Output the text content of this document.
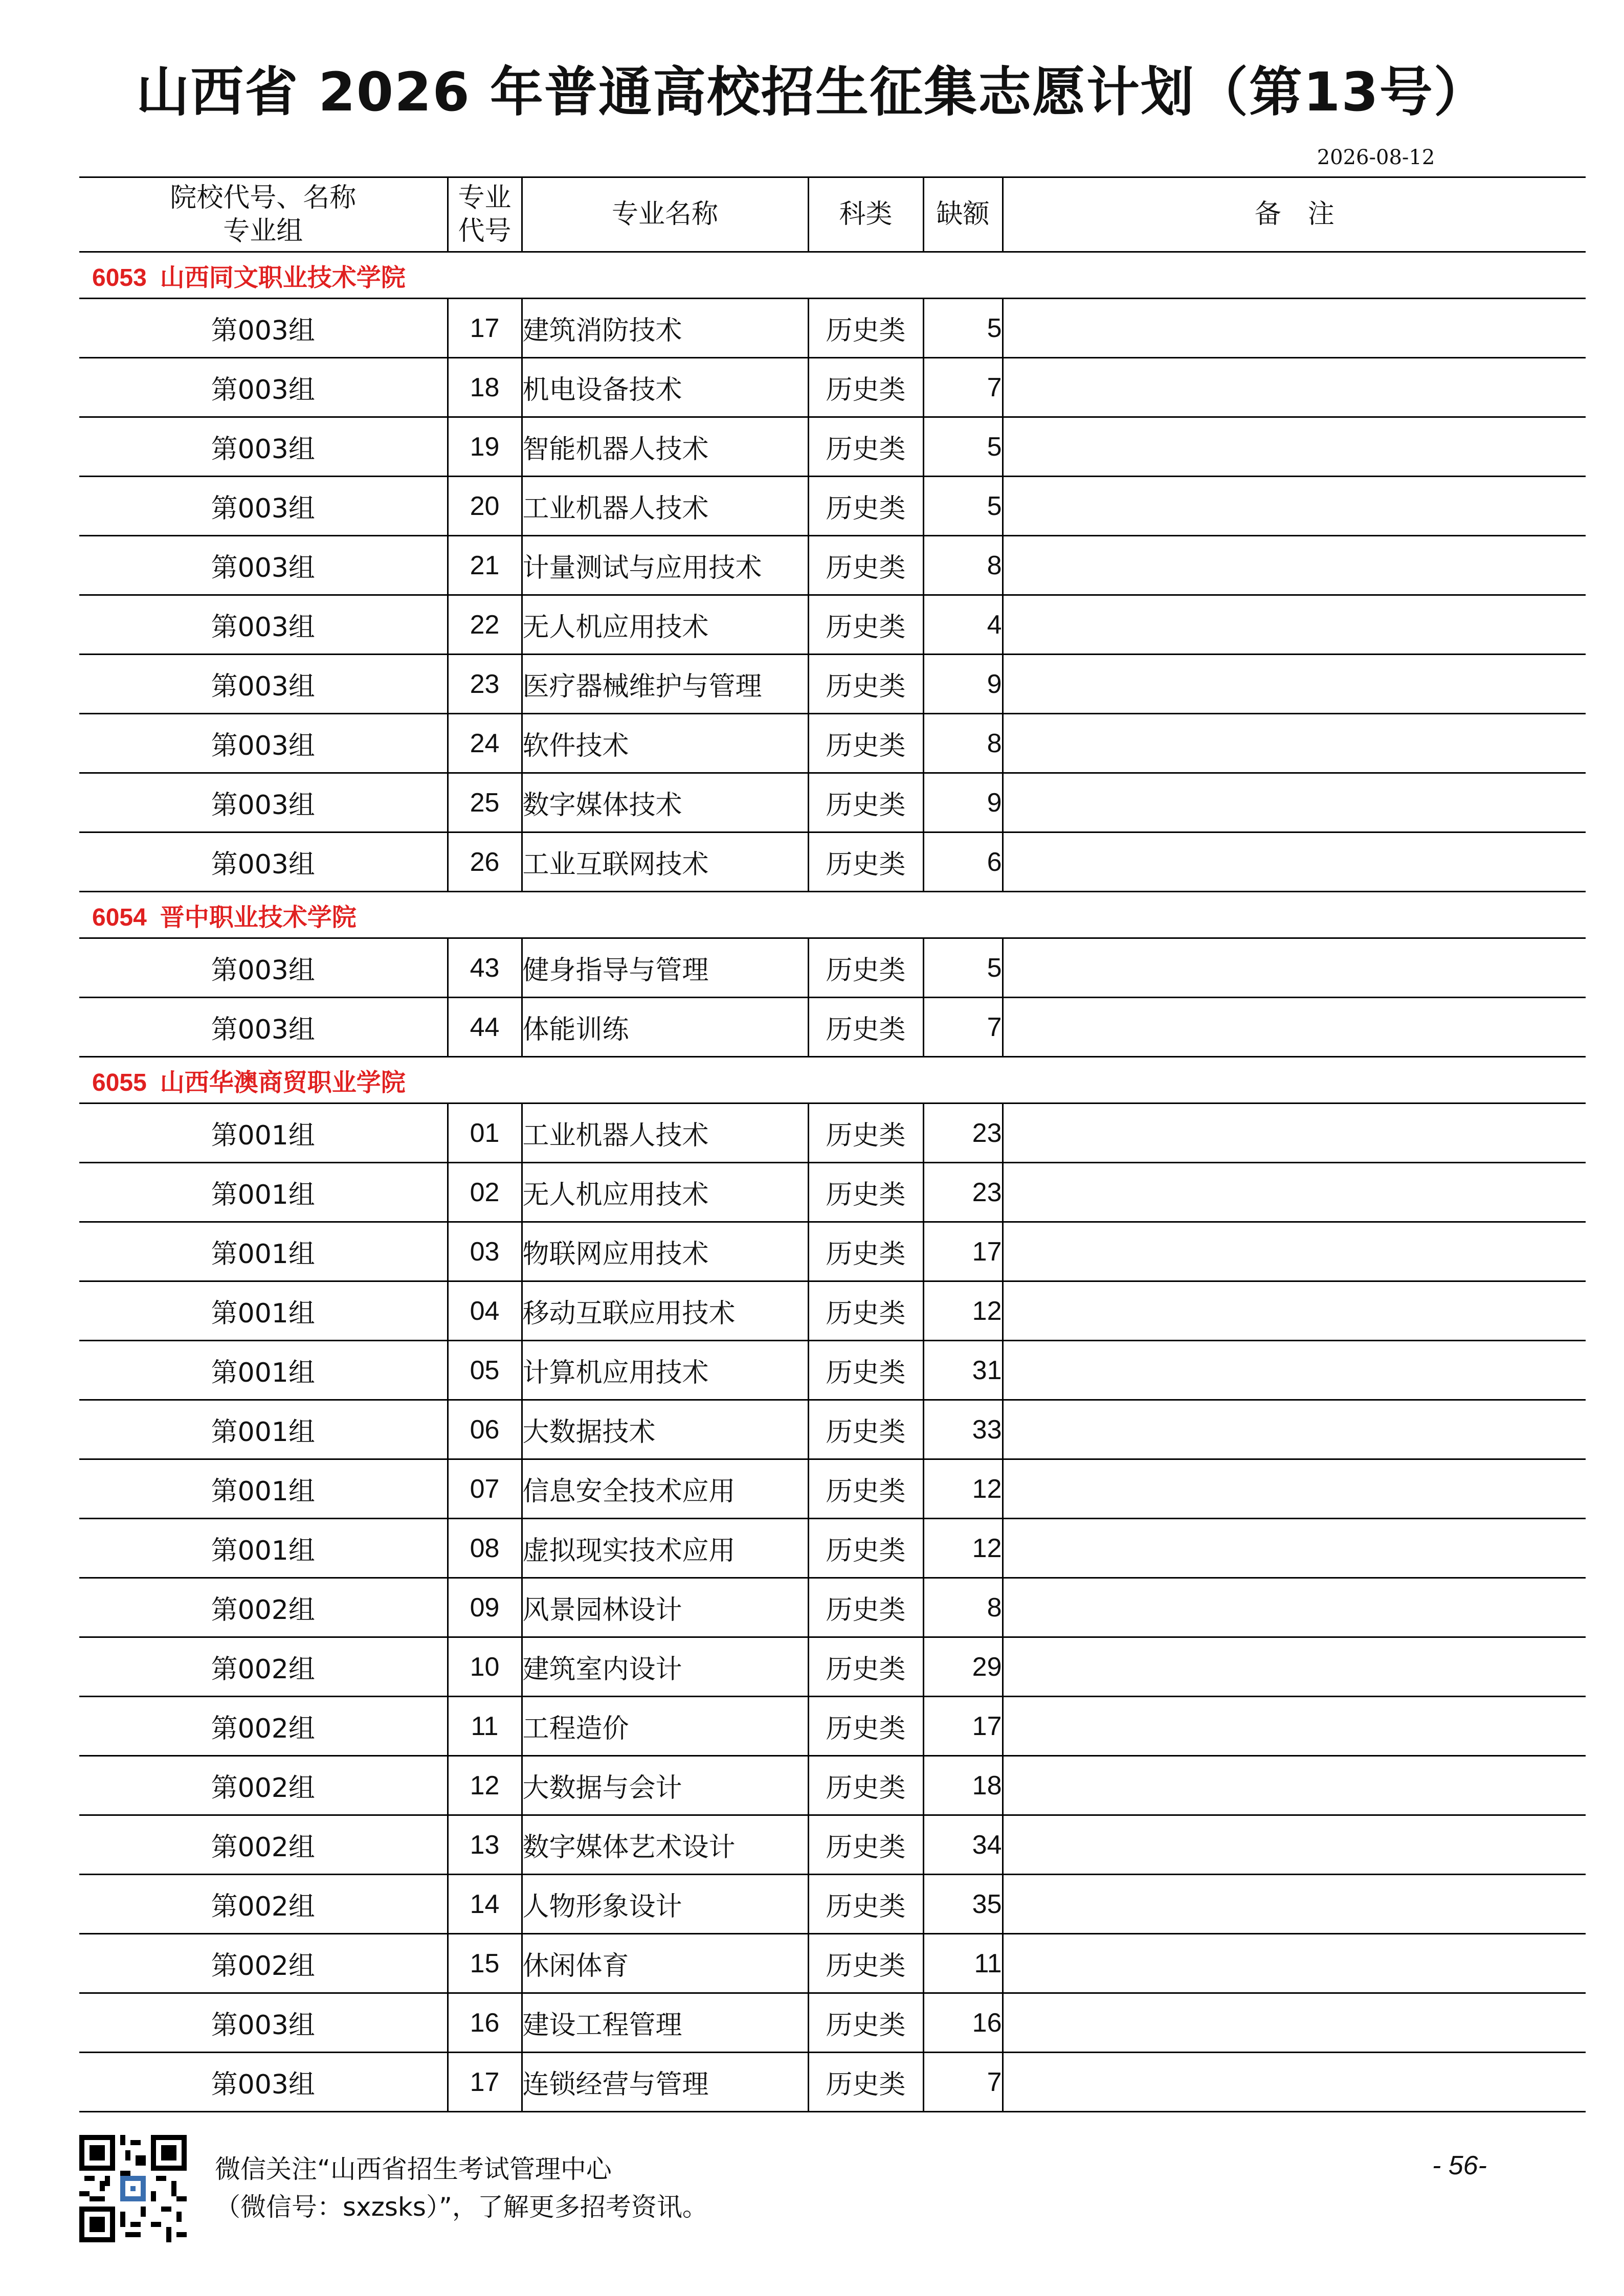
山西省 2026 年普通高校招生征集志愿计划（第13号）
2026-08-12
院校代号、名称
专业组	专业
代号	专业名称	科类	缺额	备　注
6053 山西同文职业技术学院					
第003组	17	建筑消防技术	历史类	5	
第003组	18	机电设备技术	历史类	7	
第003组	19	智能机器人技术	历史类	5	
第003组	20	工业机器人技术	历史类	5	
第003组	21	计量测试与应用技术	历史类	8	
第003组	22	无人机应用技术	历史类	4	
第003组	23	医疗器械维护与管理	历史类	9	
第003组	24	软件技术	历史类	8	
第003组	25	数字媒体技术	历史类	9	
第003组	26	工业互联网技术	历史类	6	
6054 晋中职业技术学院					
第003组	43	健身指导与管理	历史类	5	
第003组	44	体能训练	历史类	7	
6055 山西华澳商贸职业学院					
第001组	01	工业机器人技术	历史类	23	
第001组	02	无人机应用技术	历史类	23	
第001组	03	物联网应用技术	历史类	17	
第001组	04	移动互联应用技术	历史类	12	
第001组	05	计算机应用技术	历史类	31	
第001组	06	大数据技术	历史类	33	
第001组	07	信息安全技术应用	历史类	12	
第001组	08	虚拟现实技术应用	历史类	12	
第002组	09	风景园林设计	历史类	8	
第002组	10	建筑室内设计	历史类	29	
第002组	11	工程造价	历史类	17	
第002组	12	大数据与会计	历史类	18	
第002组	13	数字媒体艺术设计	历史类	34	
第002组	14	人物形象设计	历史类	35	
第002组	15	休闲体育	历史类	11	
第003组	16	建设工程管理	历史类	16	
第003组	17	连锁经营与管理	历史类	7	
微信关注“山西省招生考试管理中心
（微信号：sxzsks）”，了解更多招考资讯。
- 56-
